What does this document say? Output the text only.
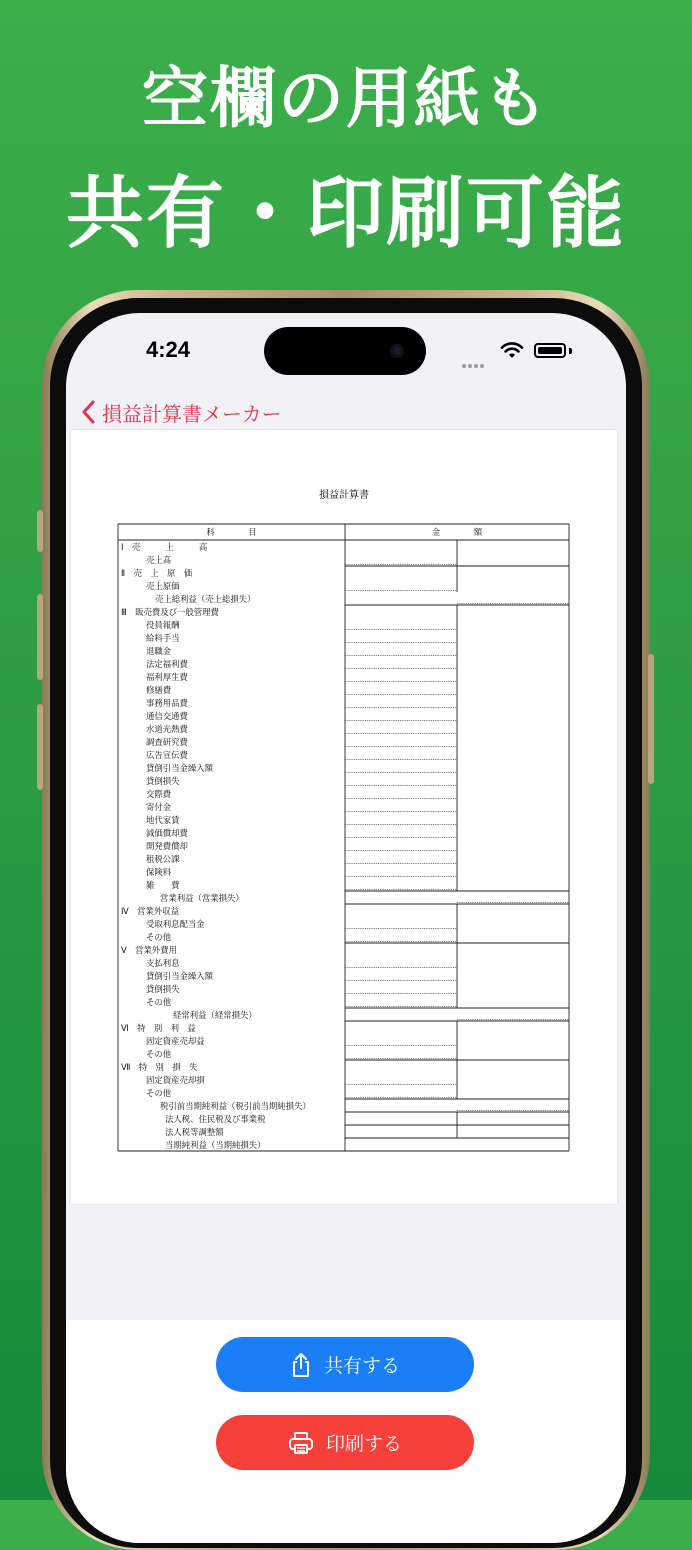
空欄の用紙も
共有・印刷可能
4:24
損益計算書メーカー
損益計算書
科　　　　目	金　　　　額
Ⅰ　売　　　上　　　高
売上高
Ⅱ　売　上　原　価
売上原価
売上総利益（売上総損失）
Ⅲ　販売費及び一般管理費
役員報酬
給料手当
退職金
法定福利費
福利厚生費
修繕費
事務用品費
通信交通費
水道光熱費
調査研究費
広告宣伝費
貸倒引当金繰入額
貸倒損失
交際費
寄付金
地代家賃
減価償却費
開発費償却
租税公課
保険料
雑　　費
営業利益（営業損失）
Ⅳ　営業外収益
受取利息配当金
その他
Ⅴ　営業外費用
支払利息
貸倒引当金繰入額
貸倒損失
その他
経常利益（経常損失）
Ⅵ　特　別　利　益
固定資産売却益
その他
Ⅶ　特　別　損　失
固定資産売却損
その他
税引前当期純利益（税引前当期純損失）
法人税、住民税及び事業税
法人税等調整額
当期純利益（当期純損失）
共有する
印刷する
